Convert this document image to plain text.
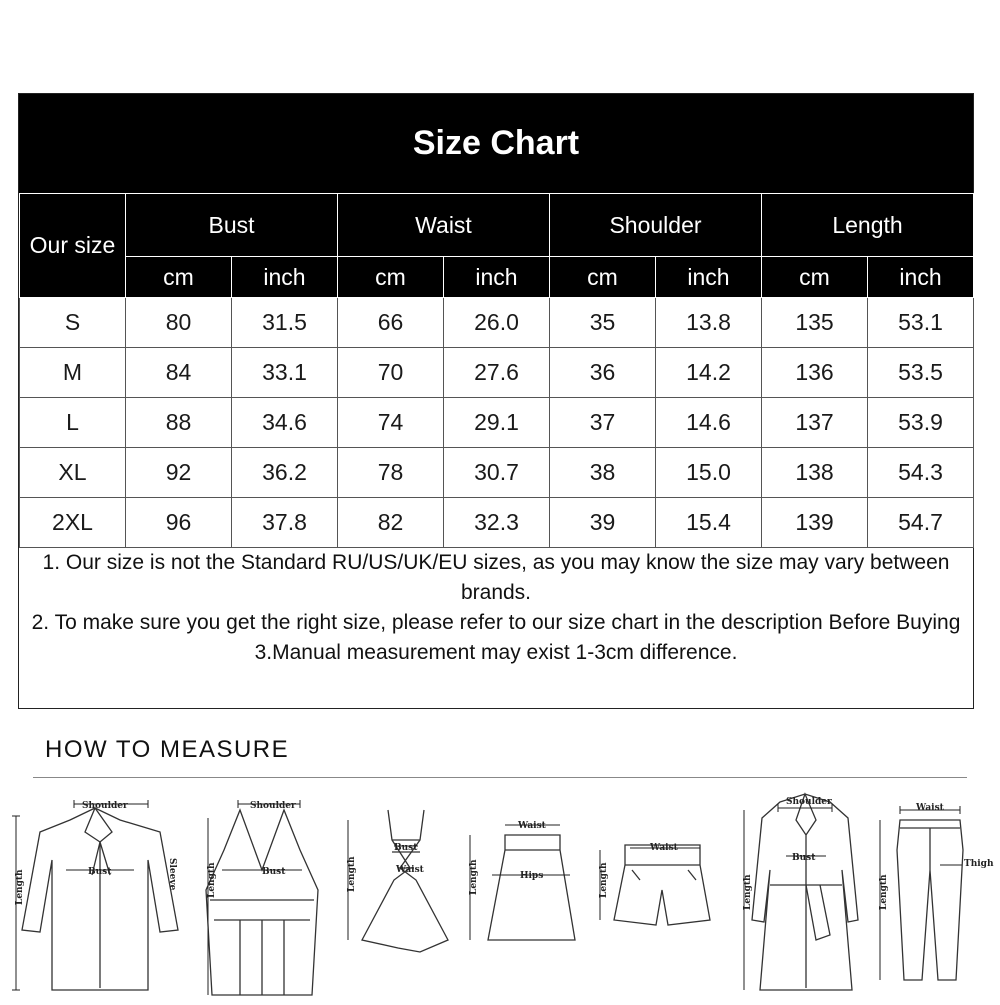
Size Chart
Our size	Bust		Waist		Shoulder		Length	
	cm	inch	cm	inch	cm	inch	cm	inch
S	80	31.5	66	26.0	35	13.8	135	53.1
M	84	33.1	70	27.6	36	14.2	136	53.5
L	88	34.6	74	29.1	37	14.6	137	53.9
XL	92	36.2	78	30.7	38	15.0	138	54.3
2XL	96	37.8	82	32.3	39	15.4	139	54.7
1. Our size is not the Standard RU/US/UK/EU sizes, as you may know the size may vary between brands.
2. To make sure you get the right size, please refer to our size chart in the description Before Buying
3.Manual measurement may exist 1-3cm difference.
HOW TO MEASURE
Shoulder
Bust	Sleeve
Length
Shoulder
Bust
Length
Bust
Waist
Length
Waist
Hips
Length
Waist
Length
Shoulder
Bust
Length
Waist
Thigh
Length
